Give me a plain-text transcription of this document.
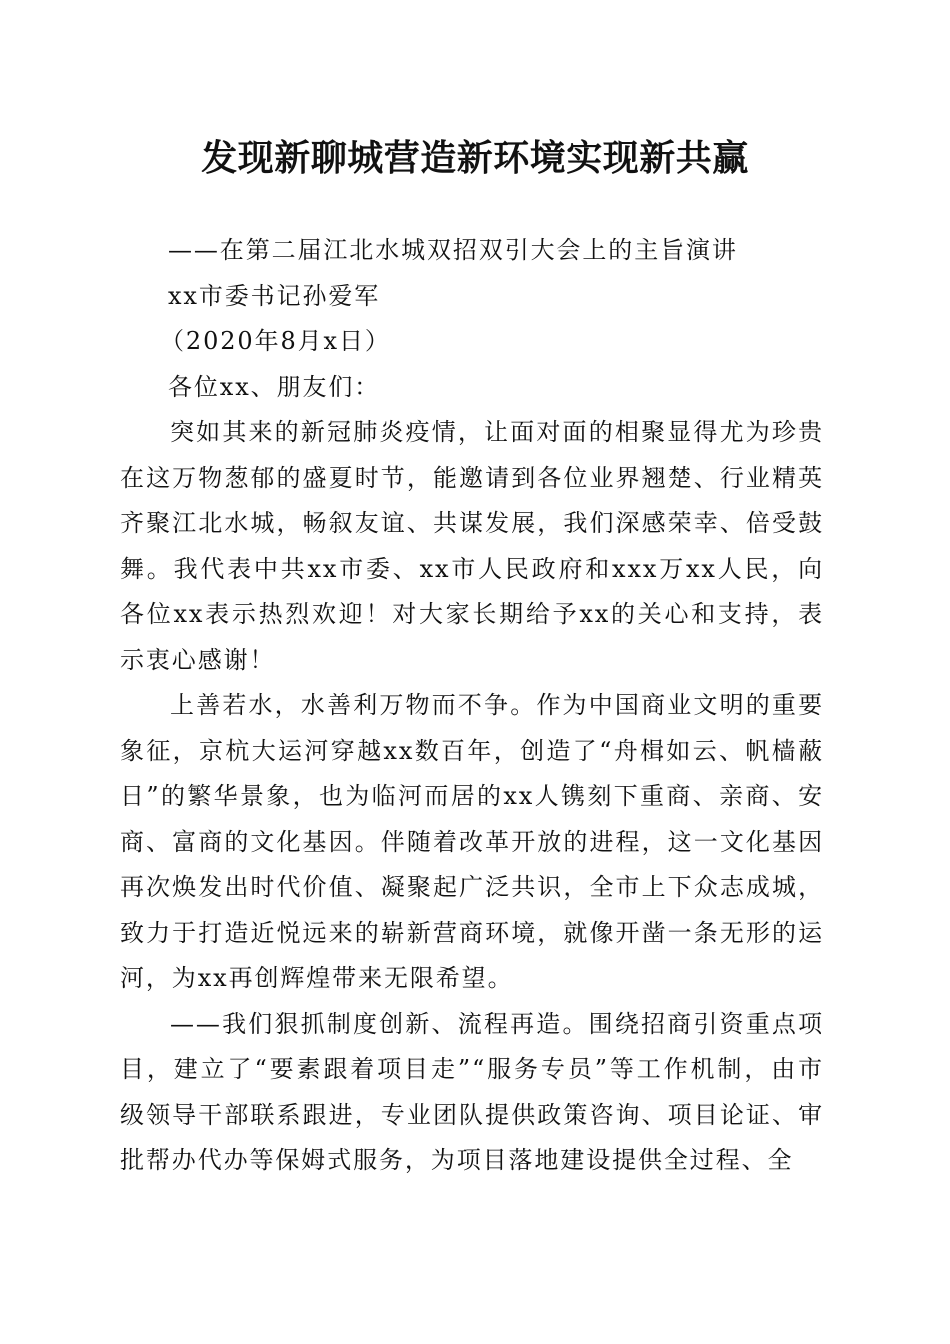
发现新聊城营造新环境实现新共赢

——在第二届江北水城双招双引大会上的主旨演讲

xx市委书记孙爱军

（2020年8月x日）

各位xx、朋友们：

突如其来的新冠肺炎疫情，让面对面的相聚显得尤为珍贵在这万物葱郁的盛夏时节，能邀请到各位业界翘楚、行业精英齐聚江北水城，畅叙友谊、共谋发展，我们深感荣幸、倍受鼓舞。我代表中共xx市委、xx市人民政府和xxx万xx人民，向各位xx表示热烈欢迎！对大家长期给予xx的关心和支持，表示衷心感谢！

上善若水，水善利万物而不争。作为中国商业文明的重要象征，京杭大运河穿越xx数百年，创造了“舟楫如云、帆樯蔽日”的繁华景象，也为临河而居的xx人镌刻下重商、亲商、安商、富商的文化基因。伴随着改革开放的进程，这一文化基因再次焕发出时代价值、凝聚起广泛共识，全市上下众志成城，致力于打造近悦远来的崭新营商环境，就像开凿一条无形的运河，为xx再创辉煌带来无限希望。

——我们狠抓制度创新、流程再造。围绕招商引资重点项目，建立了“要素跟着项目走”“服务专员”等工作机制，由市级领导干部联系跟进，专业团队提供政策咨询、项目论证、审批帮办代办等保姆式服务，为项目落地建设提供全过程、全
